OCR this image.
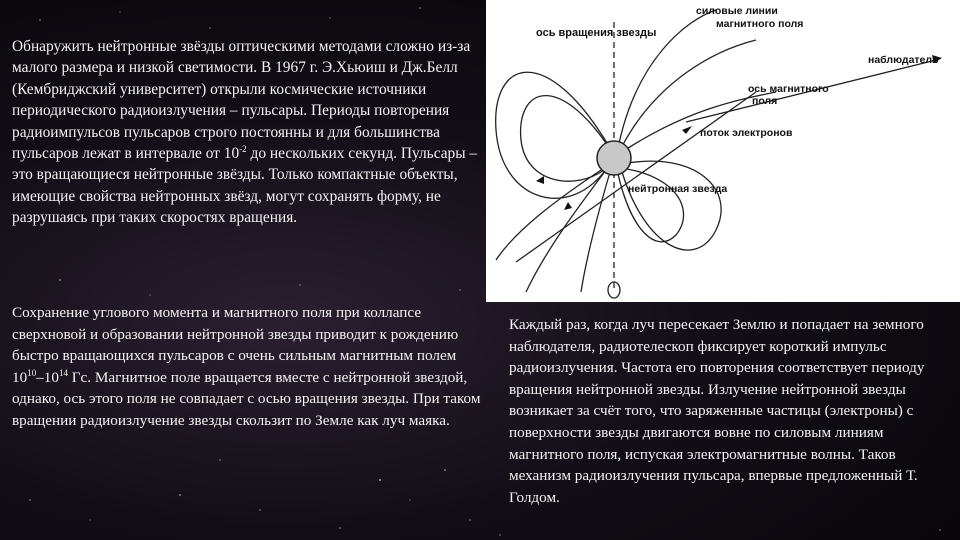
Обнаружить нейтронные звёзды оптическими методами сложно из-за малого размера и низкой светимости. В 1967 г. Э.Хьюиш и Дж.Белл (Кембриджский университет) открыли космические источники периодического радиоизлучения – пульсары. Периоды повторения радиоимпульсов пульсаров строго постоянны и для большинства пульсаров лежат в интервале от $10^{-2}$ до нескольких секунд. Пульсары – это вращающиеся нейтронные звёзды. Только компактные объекты, имеющие свойства нейтронных звёзд, могут сохранять форму, не разрушаясь при таких скоростях вращения.
Сохранение углового момента и магнитного поля при коллапсе сверхновой и образовании нейтронной звезды приводит к рождению быстро вращающихся пульсаров с очень сильным магнитным полем $10^{10}-10^{14}$ Гс. Магнитное поле вращается вместе с нейтронной звездой, однако, ось этого поля не совпадает с осью вращения звезды. При таком вращении радиоизлучение звезды скользит по Земле как луч маяка.
Каждый раз, когда луч пересекает Землю и попадает на земного наблюдателя, радиотелескоп фиксирует короткий импульс радиоизлучения. Частота его повторения соответствует периоду вращения нейтронной звезды. Излучение нейтронной звезды возникает за счёт того, что заряженные частицы (электроны) с поверхности звезды двигаются вовне по силовым линиям магнитного поля, испуская электромагнитные волны. Таков механизм радиоизлучения пульсара, впервые предложенный Т. Голдом.
ось вращения звезды
силовые линии
магнитного поля
наблюдатель
ось магнитного
поля
поток электронов
нейтронная звезда
